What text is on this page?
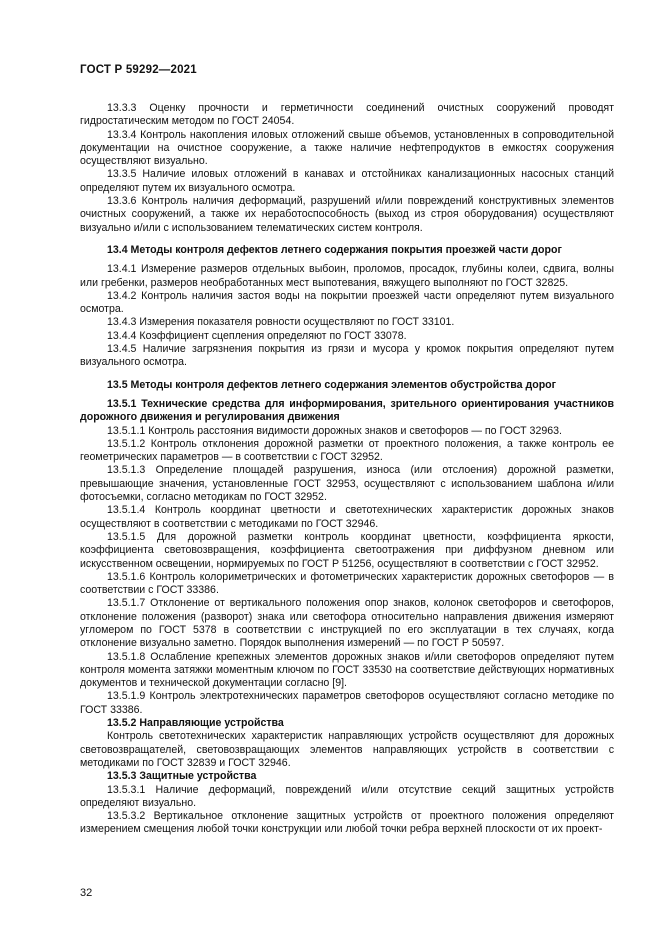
ГОСТ Р 59292—2021

13.3.3 Оценку прочности и герметичности соединений очистных сооружений проводят гидростатическим методом по ГОСТ 24054.

13.3.4 Контроль накопления иловых отложений свыше объемов, установленных в сопроводительной документации на очистное сооружение, а также наличие нефтепродуктов в емкостях сооружения осуществляют визуально.

13.3.5 Наличие иловых отложений в канавах и отстойниках канализационных насосных станций определяют путем их визуального осмотра.

13.3.6 Контроль наличия деформаций, разрушений и/или повреждений конструктивных элементов очистных сооружений, а также их неработоспособность (выход из строя оборудования) осуществляют визуально и/или с использованием телематических систем контроля.

13.4 Методы контроля дефектов летнего содержания покрытия проезжей части дорог

13.4.1 Измерение размеров отдельных выбоин, проломов, просадок, глубины колеи, сдвига, волны или гребенки, размеров необработанных мест выпотевания, вяжущего выполняют по ГОСТ 32825.

13.4.2 Контроль наличия застоя воды на покрытии проезжей части определяют путем визуального осмотра.

13.4.3 Измерения показателя ровности осуществляют по ГОСТ 33101.

13.4.4 Коэффициент сцепления определяют по ГОСТ 33078.

13.4.5 Наличие загрязнения покрытия из грязи и мусора у кромок покрытия определяют путем визуального осмотра.

13.5 Методы контроля дефектов летнего содержания элементов обустройства дорог
13.5.1 Технические средства для информирования, зрительного ориентирования участников дорожного движения и регулирования движения

13.5.1.1 Контроль расстояния видимости дорожных знаков и светофоров — по ГОСТ 32963.

13.5.1.2 Контроль отклонения дорожной разметки от проектного положения, а также контроль ее геометрических параметров — в соответствии с ГОСТ 32952.

13.5.1.3 Определение площадей разрушения, износа (или отслоения) дорожной разметки, превышающие значения, установленные ГОСТ 32953, осуществляют с использованием шаблона и/или фотосъемки, согласно методикам по ГОСТ 32952.

13.5.1.4 Контроль координат цветности и светотехнических характеристик дорожных знаков осуществляют в соответствии с методиками по ГОСТ 32946.

13.5.1.5 Для дорожной разметки контроль координат цветности, коэффициента яркости, коэффициента световозвращения, коэффициента светоотражения при диффузном дневном или искусственном освещении, нормируемых по ГОСТ Р 51256, осуществляют в соответствии с ГОСТ 32952.

13.5.1.6 Контроль колориметрических и фотометрических характеристик дорожных светофоров — в соответствии с ГОСТ 33386.

13.5.1.7 Отклонение от вертикального положения опор знаков, колонок светофоров и светофоров, отклонение положения (разворот) знака или светофора относительно направления движения измеряют угломером по ГОСТ 5378 в соответствии с инструкцией по его эксплуатации в тех случаях, когда отклонение визуально заметно. Порядок выполнения измерений — по ГОСТ Р 50597.

13.5.1.8 Ослабление крепежных элементов дорожных знаков и/или светофоров определяют путем контроля момента затяжки моментным ключом по ГОСТ 33530 на соответствие действующих нормативных документов и технической документации согласно [9].

13.5.1.9 Контроль электротехнических параметров светофоров осуществляют согласно методике по ГОСТ 33386.

13.5.2 Направляющие устройства

Контроль светотехнических характеристик направляющих устройств осуществляют для дорожных световозвращателей, световозвращающих элементов направляющих устройств в соответствии с методиками по ГОСТ 32839 и ГОСТ 32946.

13.5.3 Защитные устройства

13.5.3.1 Наличие деформаций, повреждений и/или отсутствие секций защитных устройств определяют визуально.

13.5.3.2 Вертикальное отклонение защитных устройств от проектного положения определяют измерением смещения любой точки конструкции или любой точки ребра верхней плоскости от их проект-

32
